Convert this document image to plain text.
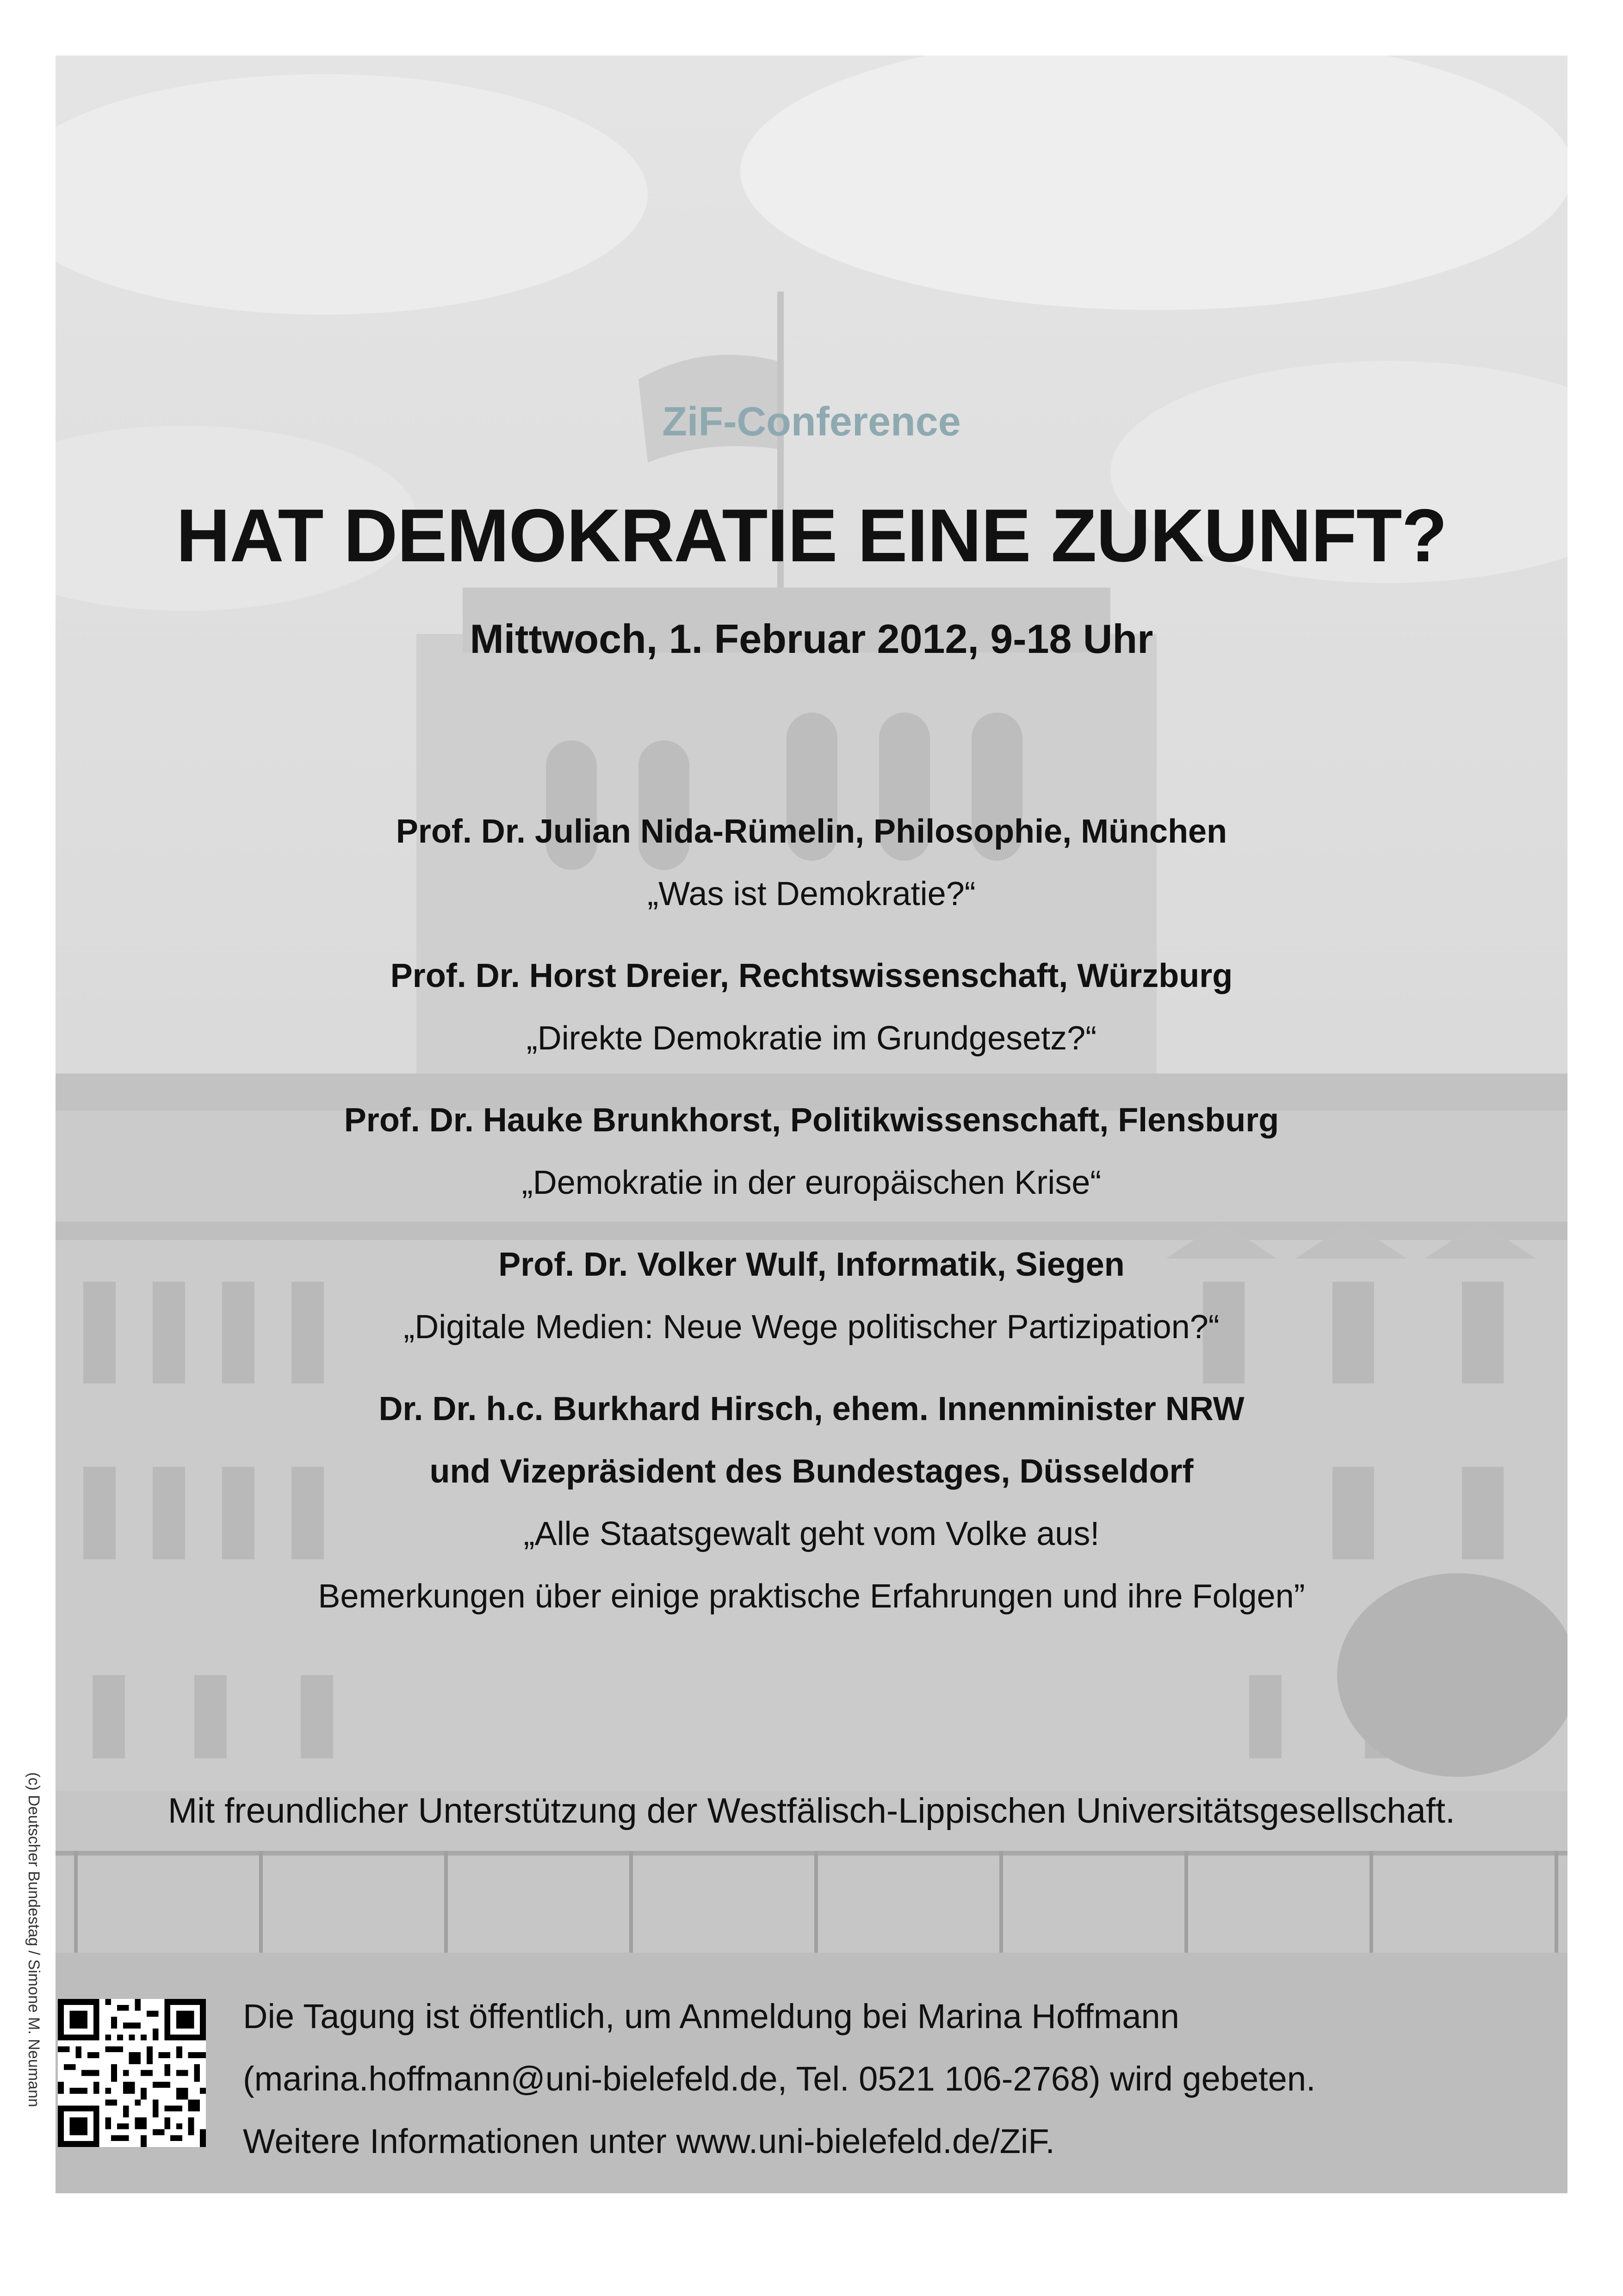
ZiF-Conference
HAT DEMOKRATIE EINE ZUKUNFT?
Mittwoch, 1. Februar 2012, 9-18 Uhr
Prof. Dr. Julian Nida-Rümelin, Philosophie, München
„Was ist Demokratie?“
Prof. Dr. Horst Dreier, Rechtswissenschaft, Würzburg
„Direkte Demokratie im Grundgesetz?“
Prof. Dr. Hauke Brunkhorst, Politikwissenschaft, Flensburg
„Demokratie in der europäischen Krise“
Prof. Dr. Volker Wulf, Informatik, Siegen
„Digitale Medien: Neue Wege politischer Partizipation?“
Dr. Dr. h.c. Burkhard Hirsch, ehem. Innenminister NRW
und Vizepräsident des Bundestages, Düsseldorf
„Alle Staatsgewalt geht vom Volke aus!
Bemerkungen über einige praktische Erfahrungen und ihre Folgen”
Mit freundlicher Unterstützung der Westfälisch-Lippischen Universitätsgesellschaft.
(c) Deutscher Bundestag / Simone M. Neumann	Die Tagung ist öffentlich, um Anmeldung bei Marina Hoffmann
(marina.hoffmann@uni-bielefeld.de, Tel. 0521 106-2768) wird gebeten.
Weitere Informationen unter www.uni-bielefeld.de/ZiF.
